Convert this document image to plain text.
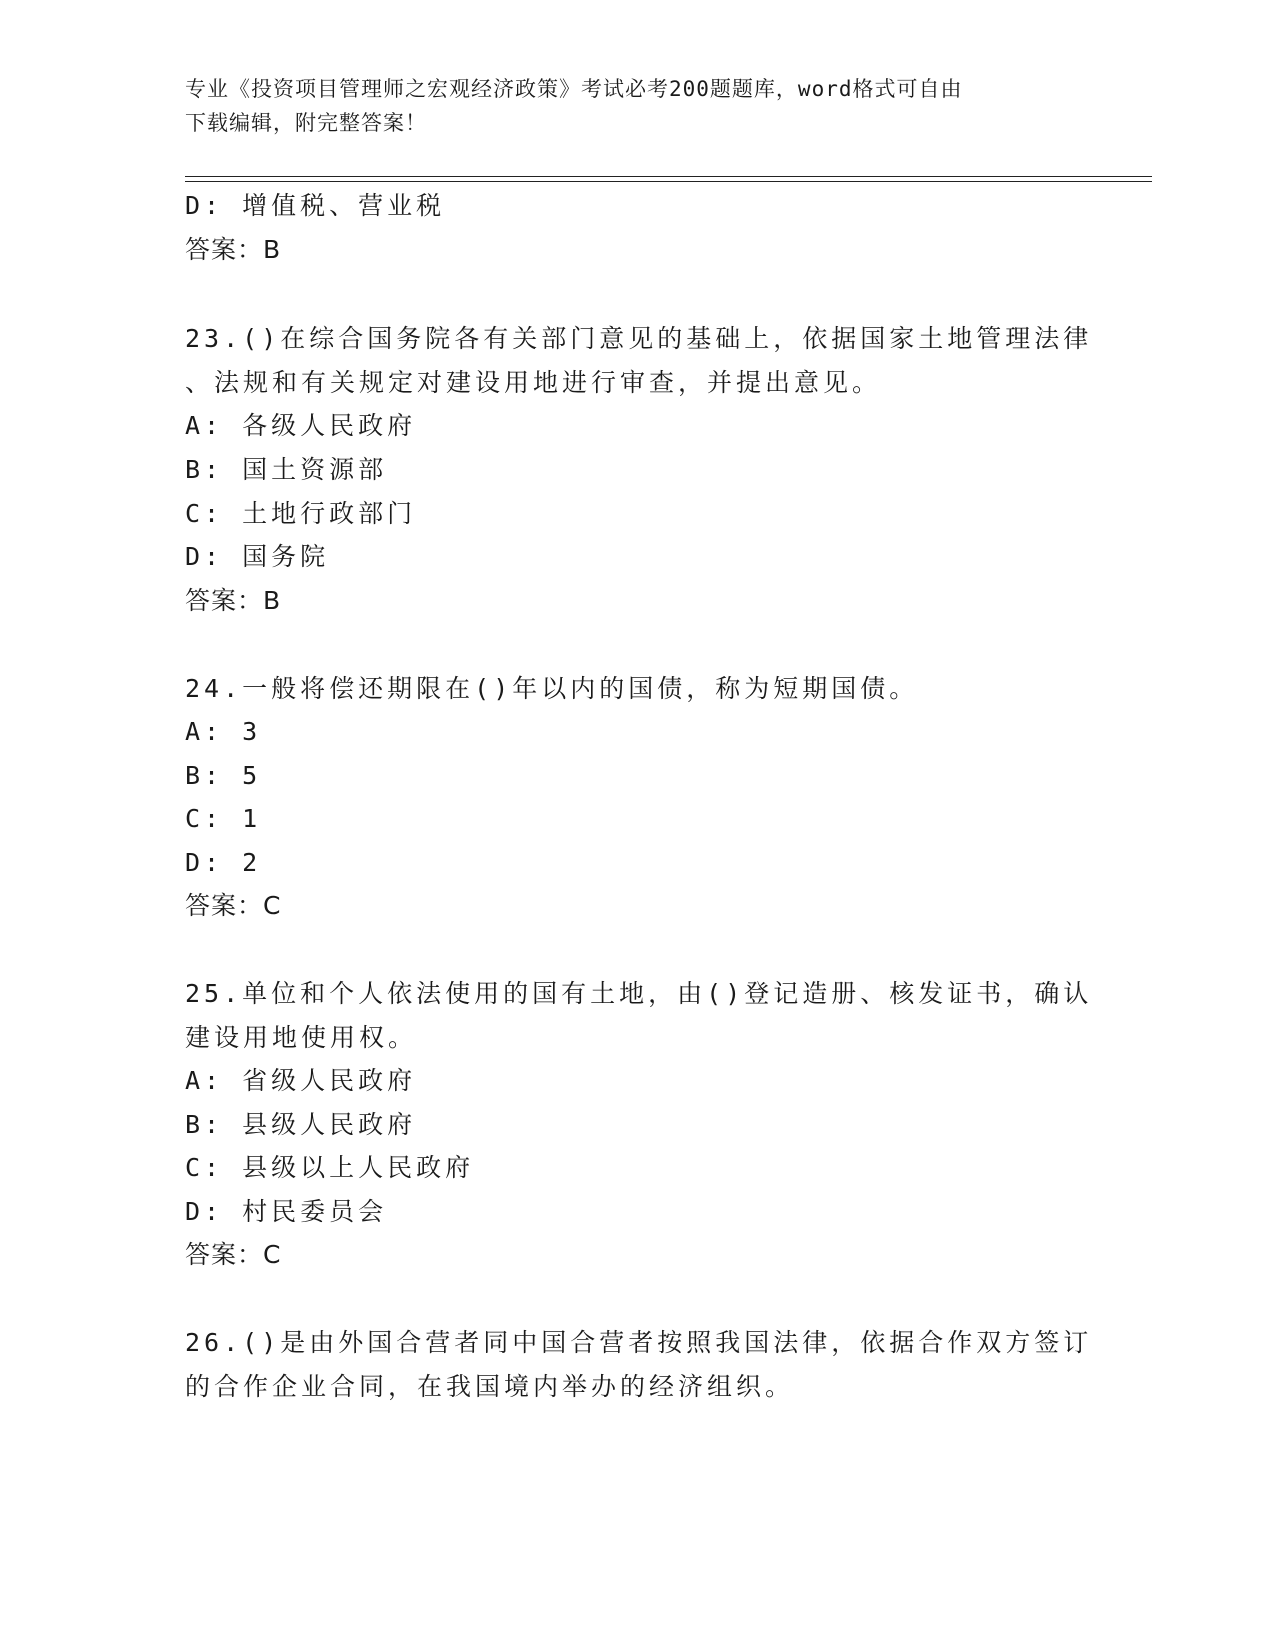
专业《投资项目管理师之宏观经济政策》考试必考200题题库，word格式可自由
下载编辑，附完整答案！
D: 增值税、营业税
答案：B
23.()在综合国务院各有关部门意见的基础上，依据国家土地管理法律
、法规和有关规定对建设用地进行审查，并提出意见。
A: 各级人民政府
B: 国土资源部
C: 土地行政部门
D: 国务院
答案：B
24.一般将偿还期限在()年以内的国债，称为短期国债。
A: 3
B: 5
C: 1
D: 2
答案：C
25.单位和个人依法使用的国有土地，由()登记造册、核发证书，确认
建设用地使用权。
A: 省级人民政府
B: 县级人民政府
C: 县级以上人民政府
D: 村民委员会
答案：C
26.()是由外国合营者同中国合营者按照我国法律，依据合作双方签订
的合作企业合同，在我国境内举办的经济组织。
